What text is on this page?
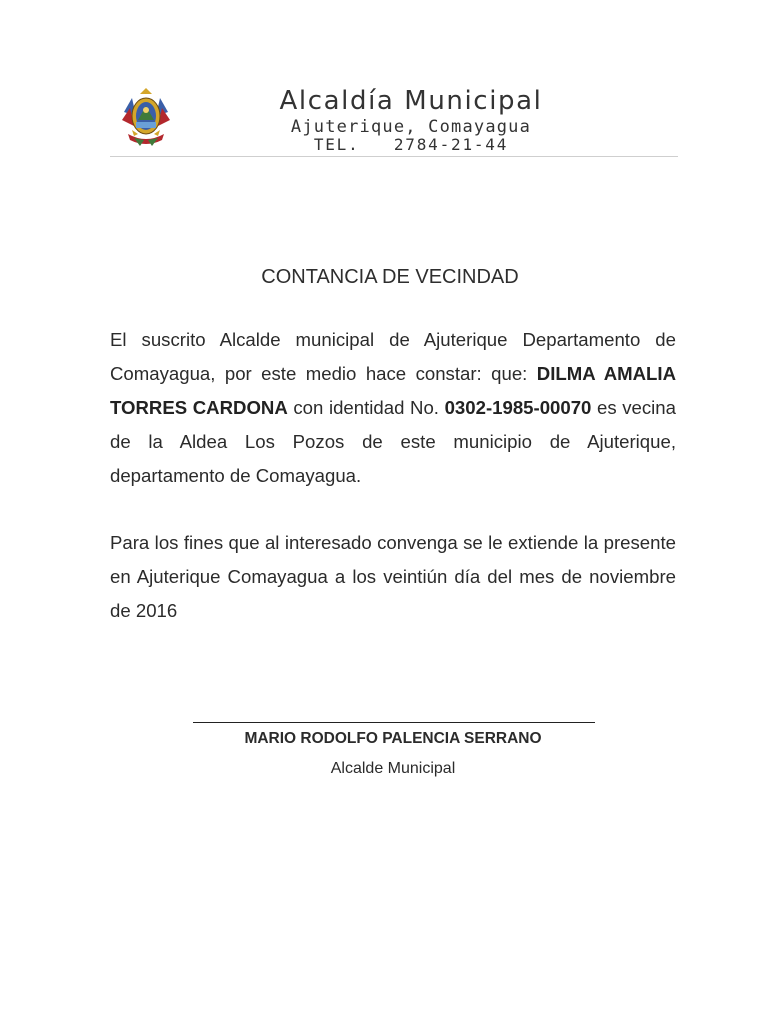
Alcaldía Municipal
Ajuterique, Comayagua
TEL.   2784-21-44
CONTANCIA DE VECINDAD

El suscrito Alcalde municipal de Ajuterique Departamento de Comayagua, por este medio hace constar: que: DILMA AMALIA TORRES CARDONA con identidad No. 0302-1985-00070 es vecina de la Aldea Los Pozos de este municipio de Ajuterique, departamento de Comayagua.

Para los fines que al interesado convenga se le extiende la presente en Ajuterique Comayagua a los veintiún día del mes de noviembre de 2016

MARIO RODOLFO PALENCIA SERRANO
Alcalde Municipal
